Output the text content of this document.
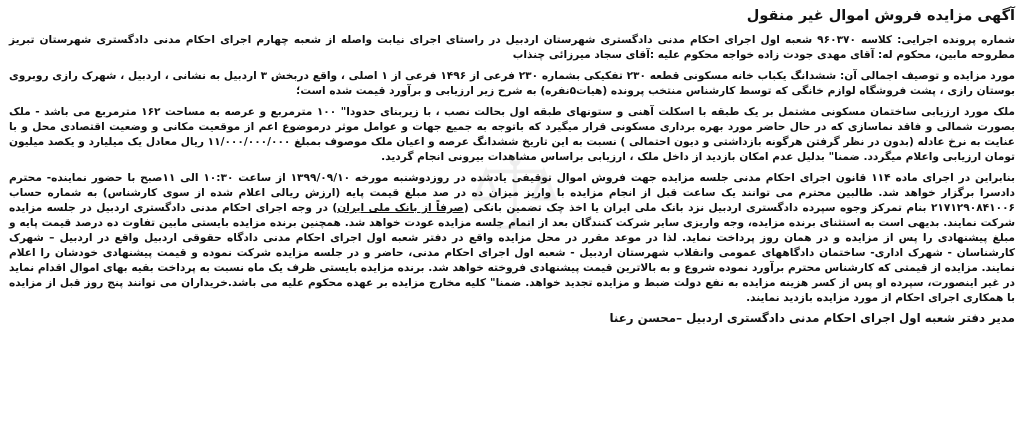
آگهی مزایده فروش اموال غیر منقول

شماره پرونده اجرایی: کلاسه ۹۶۰۳۷۰ شعبه اول اجرای احکام مدنی دادگستری شهرستان اردبیل در راستای اجرای نیابت واصله از شعبه چهارم اجرای احکام مدنی دادگستری شهرستان تبریز مطروحه مابین، محکوم له: آقای مهدی جودت زاده خواجه محکوم علیه :آقای سجاد میرزائی چنذاب

مورد مزایده و توصیف اجمالی آن: ششدانگ یکباب خانه مسکونی قطعه ۲۳۰ تفکیکی بشماره ۲۳۰ فرعی از ۱۴۹۶ فرعی از ۱ اصلی ، واقع دربخش ۳ اردبیل به نشانی ، اردبیل ، شهرک رازی روبروی بوستان رازی ، پشت فروشگاه لوازم خانگی که توسط کارشناس منتخب پرونده (هیات۵نفره) به شرح زیر ارزیابی و برآورد قیمت شده است؛

ملک مورد ارزیابی ساختمان مسکونی مشتمل بر یک طبقه با اسکلت آهنی و ستونهای طبقه اول بحالت نصب ، با زیربنای حدودا" ۱۰۰ مترمربع و عرصه به مساحت ۱۶۲ مترمربع می باشد - ملک بصورت شمالی و فاقد نماسازی که در حال حاضر مورد بهره برداری مسکونی قرار میگیرد که باتوجه به جمیع جهات و عوامل موثر درموضوع اعم از موقعیت مکانی و وضعیت اقتصادی محل و با عنایت به نرخ عادله (بدون در نظر گرفتن هرگونه بازداشتی و دیون احتمالی ) نسبت به این تاریخ ششدانگ عرصه و اعیان ملک موصوف بمبلغ ۱۱/۰۰۰/۰۰۰/۰۰۰ ریال معادل یک میلیارد و یکصد میلیون تومان ارزیابی واعلام میگردد. ضمنا" بدلیل عدم امکان بازدید از داخل ملک ، ارزیابی براساس مشاهدات بیرونی انجام گردید.

بنابراین در اجرای ماده ۱۱۴ قانون اجرای احکام مدنی جلسه مزایده جهت فروش اموال توقیفی یادشده در روزدوشنبه مورخه ۱۳۹۹/۰۹/۱۰ از ساعت ۱۰:۳۰ الی ۱۱صبح با حضور نماینده- محترم دادسرا برگزار خواهد شد. طالبین محترم می توانند یک ساعت قبل از انجام مزایده با واریز میزان ده در صد مبلغ قیمت پایه (ارزش ریالی اعلام شده از سوی کارشناس) به شماره حساب ۲۱۷۱۲۹۰۸۴۱۰۰۶ بنام تمرکز وجوه سپرده دادگستری اردبیل نزد بانک ملی ایران یا اخذ چک تضمین بانکی (صرفاً از بانک ملی ایران) در وجه اجرای احکام مدنی دادگستری اردبیل در جلسه مزایده شرکت نمایند. بدیهی است به استثنای برنده مزایده، وجه واریزی سایر شرکت کنندگان بعد از اتمام جلسه مزایده عودت خواهد شد. همچنین برنده مزایده بایستی مابین تفاوت ده درصد قیمت پایه و مبلغ پیشنهادی را پس از مزایده و در همان روز پرداخت نماید. لذا در موعد مقرر در محل مزایده واقع در دفتر شعبه اول اجرای احکام مدنی دادگاه حقوقی اردبیل واقع در اردبیل – شهرک کارشناسان - شهرک اداری- ساختمان دادگاههای عمومی وانقلاب شهرستان اردبیل - شعبه اول اجرای احکام مدنی، حاضر و در جلسه مزایده شرکت نموده و قیمت پیشنهادی خودشان را اعلام نمایند. مزایده از قیمتی که کارشناس محترم برآورد نموده شروع و به بالاترین قیمت پیشنهادی فروخته خواهد شد. برنده مزایده بایستی ظرف یک ماه نسبت به پرداخت بقیه بهای اموال اقدام نماید در غیر اینصورت، سپرده او پس از کسر هزینه مزایده به نفع دولت ضبط و مزایده تجدید خواهد. ضمنا" کلیه مخارج مزایده بر عهده محکوم علیه می باشد.خریداران می توانند پنج روز قبل از مزایده با همکاری اجرای احکام از مورد مزایده بازدید نمایند.

مدیر دفتر شعبه اول اجرای احکام مدنی دادگستری اردبیل –محسن رعنا
